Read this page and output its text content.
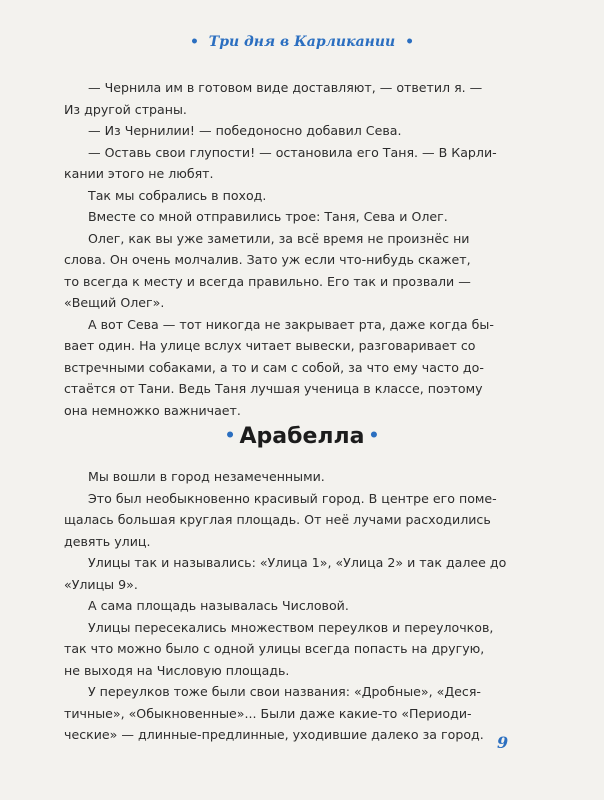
• Три дня в Карликании •

— Чернила им в готовом виде доставляют, — ответил я. —
Из другой страны.

— Из Чернилии! — победоносно добавил Сева.

— Оставь свои глупости! — остановила его Таня. — В Карли-
кании этого не любят.

Так мы собрались в поход.

Вместе со мной отправились трое: Таня, Сева и Олег.

Олег, как вы уже заметили, за всё время не произнёс ни
слова. Он очень молчалив. Зато уж если что-нибудь скажет,
то всегда к месту и всегда правильно. Его так и прозвали —
«Вещий Олег».

А вот Сева — тот никогда не закрывает рта, даже когда бы-
вает один. На улице вслух читает вывески, разговаривает со
встречными собаками, а то и сам с собой, за что ему часто до-
стаётся от Тани. Ведь Таня лучшая ученица в классе, поэтому
она немножко важничает.

• Арабелла •

Мы вошли в город незамеченными.

Это был необыкновенно красивый город. В центре его поме-
щалась большая круглая площадь. От неё лучами расходились
девять улиц.

Улицы так и назывались: «Улица 1», «Улица 2» и так далее до
«Улицы 9».

А сама площадь называлась Числовой.

Улицы пересекались множеством переулков и переулочков,
так что можно было с одной улицы всегда попасть на другую,
не выходя на Числовую площадь.

У переулков тоже были свои названия: «Дробные», «Деся-
тичные», «Обыкновенные»... Были даже какие-то «Периоди-
ческие» — длинные-предлинные, уходившие далеко за город. 9
